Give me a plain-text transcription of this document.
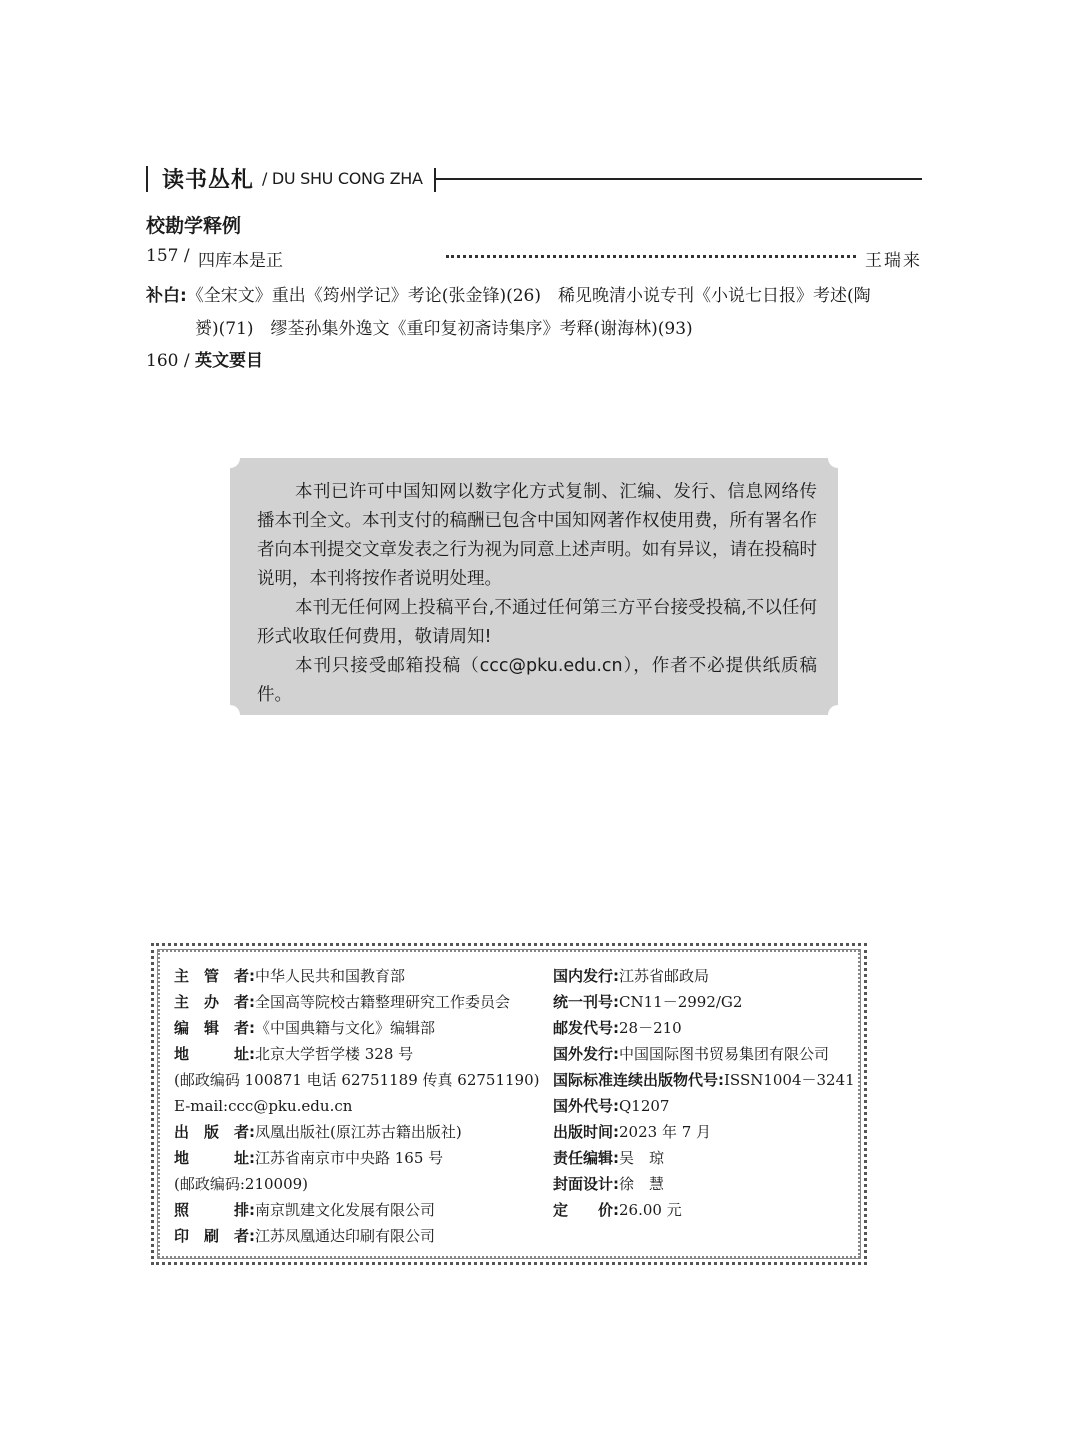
读书丛札 / DU SHU CONG ZHA
校勘学释例
157 / 四库本是正	王瑞来
补白:《全宋文》重出《筠州学记》考论(张金锋)(26)　稀见晚清小说专刊《小说七日报》考述(陶
赟)(71)　缪荃孙集外逸文《重印复初斋诗集序》考释(谢海林)(93)
160 / 英文要目

本刊已许可中国知网以数字化方式复制、汇编、发行、信息网络传播本刊全文。本刊支付的稿酬已包含中国知网著作权使用费，所有署名作者向本刊提交文章发表之行为视为同意上述声明。如有异议，请在投稿时说明，本刊将按作者说明处理。

本刊无任何网上投稿平台,不通过任何第三方平台接受投稿,不以任何形式收取任何费用，敬请周知!

本刊只接受邮箱投稿（ccc@pku.edu.cn），作者不必提供纸质稿件。

主　管　者:中华人民共和国教育部
主　办　者:全国高等院校古籍整理研究工作委员会
编　辑　者:《中国典籍与文化》编辑部
地　　　址:北京大学哲学楼 328 号
(邮政编码 100871 电话 62751189 传真 62751190)
E-mail:ccc@pku.edu.cn
出　版　者:凤凰出版社(原江苏古籍出版社)
地　　　址:江苏省南京市中央路 165 号
(邮政编码:210009)
照　　　排:南京凯建文化发展有限公司
印　刷　者:江苏凤凰通达印刷有限公司
国内发行:江苏省邮政局
统一刊号:CN11－2992/G2
邮发代号:28－210
国外发行:中国国际图书贸易集团有限公司
国际标准连续出版物代号:ISSN1004－3241
国外代号:Q1207
出版时间:2023 年 7 月
责任编辑:吴　琼
封面设计:徐　慧
定　　价:26.00 元
